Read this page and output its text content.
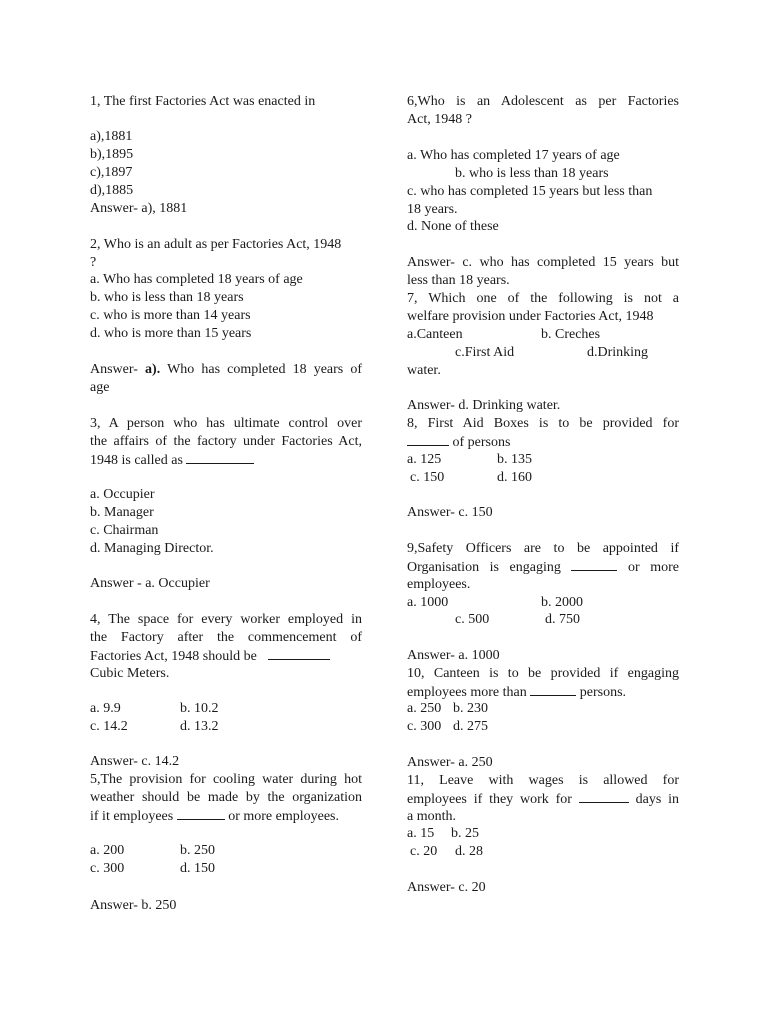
1, The first Factories Act was enacted in
a),1881
b),1895
c),1897
d),1885
Answer- a), 1881
2, Who is an adult as per Factories Act, 1948
?
a. Who has completed 18 years of age
b. who is less than 18 years
c. who is more than 14 years
d. who is more than 15 years
Answer- a). Who has completed 18 years of
age
3, A person who has ultimate control over
the affairs of the factory under Factories Act,
1948 is called as
a. Occupier
b. Manager
c. Chairman
d. Managing Director.
Answer - a. Occupier
4, The space for every worker employed in
the Factory after the commencement of
Factories Act, 1948 should be
Cubic Meters.
a. 9.9	b. 10.2
c. 14.2	d. 13.2
Answer- c. 14.2
5,The provision for cooling water during hot
weather should be made by the organization
if it employees	or more employees.
a. 200	b. 250
c. 300	d. 150
Answer- b. 250
6,Who is an Adolescent as per Factories
Act, 1948 ?
a. Who has completed 17 years of age
b. who is less than 18 years
c. who has completed 15 years but less than
18 years.
d. None of these
Answer- c. who has completed 15 years but
less than 18 years.
7, Which one of the following is not a
welfare provision under Factories Act, 1948
a.Canteen	b. Creches
c.First Aid	d.Drinking
water.
Answer- d. Drinking water.
8, First Aid Boxes is to be provided for
of persons
a. 125	b. 135
c. 150	d. 160
Answer- c. 150
9,Safety Officers are to be appointed if
Organisation is engaging	or more
employees.
a. 1000	b. 2000
c. 500	d. 750
Answer- a. 1000
10, Canteen is to be provided if engaging
employees more than	persons.
a. 250 b. 230
c. 300 d. 275
Answer- a. 250
11, Leave with wages is allowed for
employees if they work for	days in
a month.
a. 15 b. 25
c. 20 d. 28
Answer- c. 20
